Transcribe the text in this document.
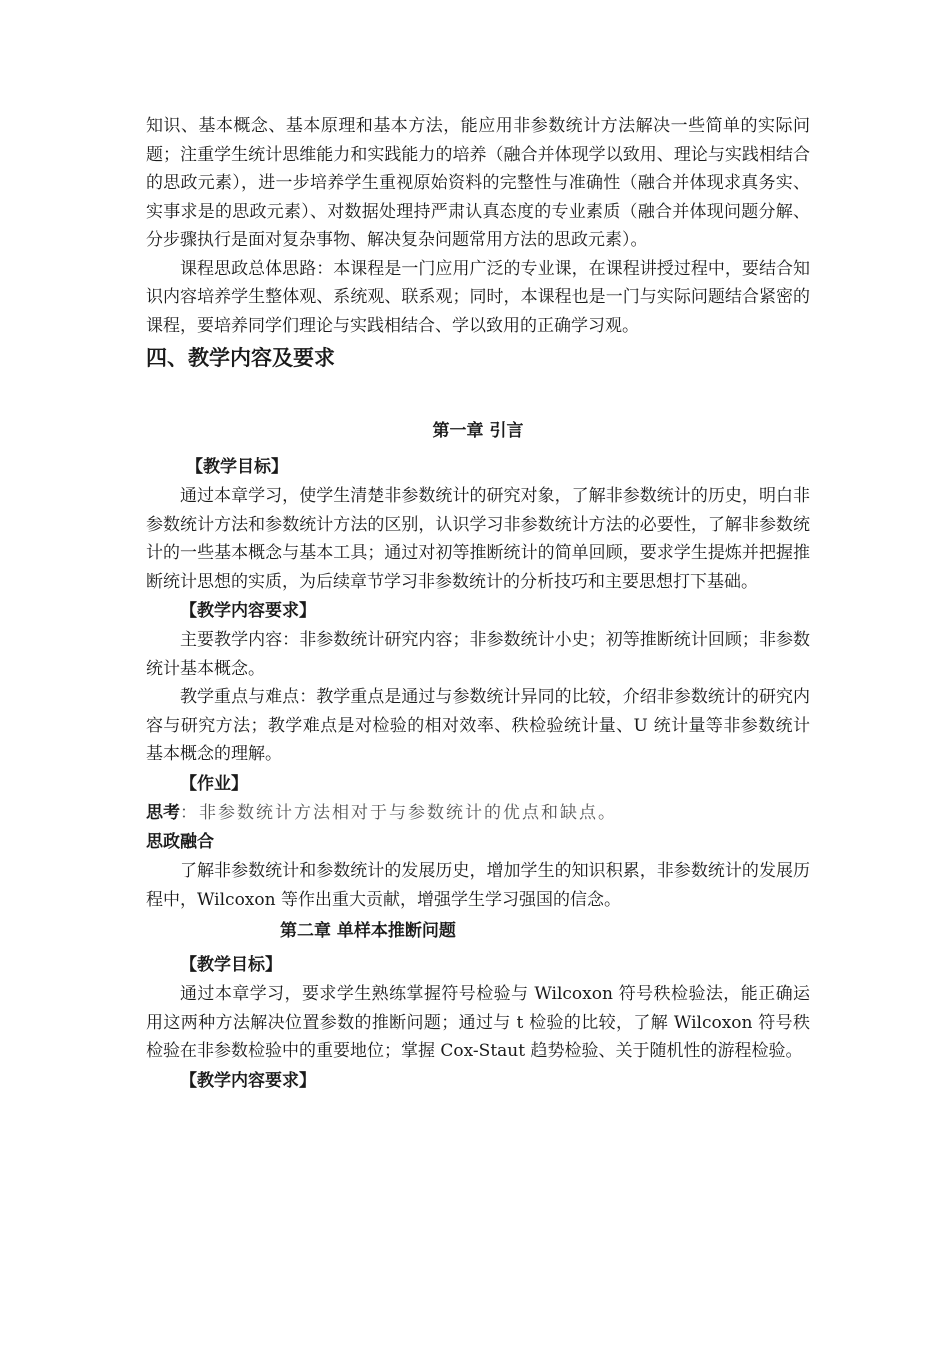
知识、基本概念、基本原理和基本方法，能应用非参数统计方法解决一些简单的实际问题；注重学生统计思维能力和实践能力的培养（融合并体现学以致用、理论与实践相结合的思政元素），进一步培养学生重视原始资料的完整性与准确性（融合并体现求真务实、实事求是的思政元素）、对数据处理持严肃认真态度的专业素质（融合并体现问题分解、分步骤执行是面对复杂事物、解决复杂问题常用方法的思政元素）。

课程思政总体思路：本课程是一门应用广泛的专业课，在课程讲授过程中，要结合知识内容培养学生整体观、系统观、联系观；同时，本课程也是一门与实际问题结合紧密的课程，要培养同学们理论与实践相结合、学以致用的正确学习观。

四、教学内容及要求
第一章 引言
【教学目标】

通过本章学习，使学生清楚非参数统计的研究对象，了解非参数统计的历史，明白非参数统计方法和参数统计方法的区别，认识学习非参数统计方法的必要性，了解非参数统计的一些基本概念与基本工具；通过对初等推断统计的简单回顾，要求学生提炼并把握推断统计思想的实质，为后续章节学习非参数统计的分析技巧和主要思想打下基础。

【教学内容要求】

主要教学内容：非参数统计研究内容；非参数统计小史；初等推断统计回顾；非参数统计基本概念。

教学重点与难点：教学重点是通过与参数统计异同的比较，介绍非参数统计的研究内容与研究方法；教学难点是对检验的相对效率、秩检验统计量、U 统计量等非参数统计基本概念的理解。

【作业】

思考：非参数统计方法相对于与参数统计的优点和缺点。

思政融合

了解非参数统计和参数统计的发展历史，增加学生的知识积累，非参数统计的发展历程中，Wilcoxon 等作出重大贡献，增强学生学习强国的信念。

第二章 单样本推断问题
【教学目标】

通过本章学习，要求学生熟练掌握符号检验与 Wilcoxon 符号秩检验法，能正确运用这两种方法解决位置参数的推断问题；通过与 t 检验的比较，了解 Wilcoxon 符号秩检验在非参数检验中的重要地位；掌握 Cox-Staut 趋势检验、关于随机性的游程检验。

【教学内容要求】
